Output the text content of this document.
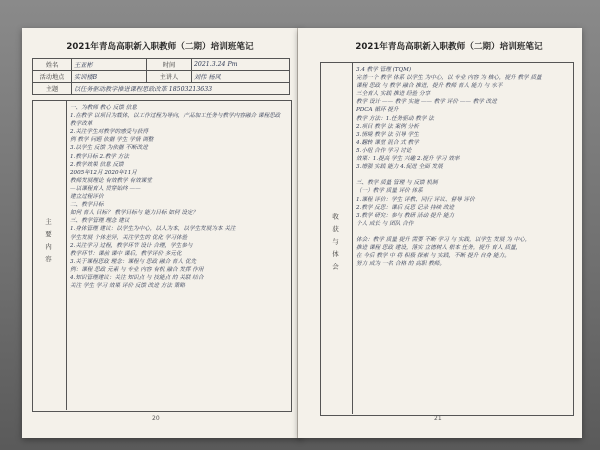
2021年青岛高职新入职教师（二期）培训班笔记
姓名	王亚彬	时间	2021.3.24 Pm
活动地点	实训楼B	主讲人	刘伟 杨风
主题	以任务驱动教学推进课程思政改革 18503213633		
主要内容
一、为教师 教心 反馈 信息
1.在教学 以项目为载体，以工作过程为导向，产品加工任务与教学内容融合 课程思政
教学改革
2.关注学生对教学的感受与获得
例 教学 问题 依据 学生 学情 调整
3.以学生 反馈 为依据 不断改进
1.教学目标 2.教学 方法
2.教学效果 信息 反馈
2005年12月 2020年11月
教师发展理论 有效教学 有效课堂
—以课程育人 贯穿始终 ——
建立过程评价
二、教学目标
如何 育人 目标？ 教学目标与 能力目标 如何 设定？
三、教学管理 理念 建议
1.身体管理 建议：以学生为中心，以人为本，以学生发展为本 关注
学生发展 个体差异，关注学生的 优化 学习体验
2.关注学习 过程，教学环节 设计 合理，学生参与
教学环节：课前 课中 课后，教学评价 多元化
3.关于课程思政 理念：课程与 思政 融合 育人 优先
例：课程 思政 元素 与 专业 内容 有机 融合 发挥 作用
4.知识管理建议：关注 知识点 与 技能点 的 关联 结合
关注 学生 学习 效果 评价 反馈 改进 方法 策略
20
2021年青岛高职新入职教师（二期）培训班笔记
收获与体会
3.4 教学 管理 (TQM)
完善一个 教学 体系 以学生 为中心，以 专业 内容 为 核心，提升 教学 质量
课程 思政 与 教学 融合 推进，提升 教师 育人 能力 与 水平
三全育人 实践 推进 经验 分享
教学 设计 —— 教学 实施 —— 教学 评价 —— 教学 改进
PDCA 循环 提升
教学 方法：1.任务驱动 教学 法
2.项目 教学 法 案例 分析
3.情境 教学 法 引导 学生
4.翻转 课堂 混合 式 教学
5.小组 合作 学习 讨论
效果：1.提高 学生 兴趣 2.提升 学习 效率
3.增强 实践 能力 4.促进 全面 发展
三、教学 质量 管理 与 反馈 机制
（一）教学 质量 评价 体系
1.课程 评价：学生 评教、同行 评议、督导 评价
2.教学 反思：课后 反思 记录 持续 改进
3.教学 研究：参与 教研 活动 提升 能力
个人 成长 与 团队 合作
体会：教学 质量 提升 需要 不断 学习 与 实践，以学生 发展 为 中心，
推进 课程 思政 建设，落实 立德树人 根本 任务，提升 育人 质量，
在 今后 教学 中 将 积极 探索 与 实践，不断 提升 自身 能力。
努力 成为 一名 合格 的 高职 教师。
21
